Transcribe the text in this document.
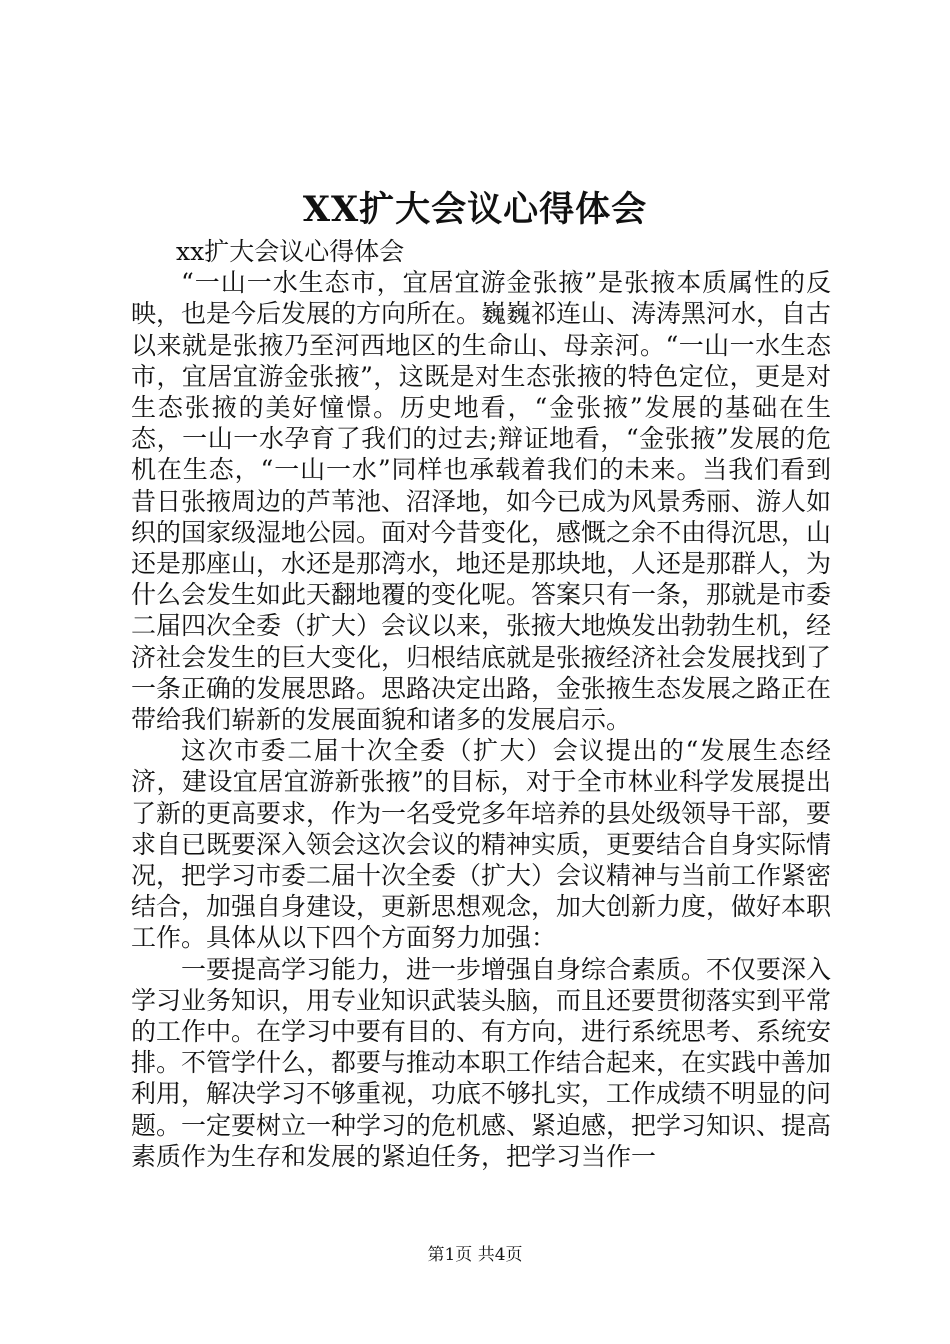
XX扩大会议心得体会

xx扩大会议心得体会

“一山一水生态市，宜居宜游金张掖”是张掖本质属性的反映，也是今后发展的方向所在。巍巍祁连山、涛涛黑河水，自古以来就是张掖乃至河西地区的生命山、母亲河。“一山一水生态市，宜居宜游金张掖”，这既是对生态张掖的特色定位，更是对生态张掖的美好憧憬。历史地看，“金张掖”发展的基础在生态，一山一水孕育了我们的过去;辩证地看，“金张掖”发展的危机在生态，“一山一水”同样也承载着我们的未来。当我们看到昔日张掖周边的芦苇池、沼泽地，如今已成为风景秀丽、游人如织的国家级湿地公园。面对今昔变化，感慨之余不由得沉思，山还是那座山，水还是那湾水，地还是那块地，人还是那群人，为什么会发生如此天翻地覆的变化呢。答案只有一条，那就是市委二届四次全委（扩大）会议以来，张掖大地焕发出勃勃生机，经济社会发生的巨大变化，归根结底就是张掖经济社会发展找到了一条正确的发展思路。思路决定出路，金张掖生态发展之路正在带给我们崭新的发展面貌和诸多的发展启示。

这次市委二届十次全委（扩大）会议提出的“发展生态经济，建设宜居宜游新张掖”的目标，对于全市林业科学发展提出了新的更高要求，作为一名受党多年培养的县处级领导干部，要求自已既要深入领会这次会议的精神实质，更要结合自身实际情况，把学习市委二届十次全委（扩大）会议精神与当前工作紧密结合，加强自身建设，更新思想观念，加大创新力度，做好本职工作。具体从以下四个方面努力加强：

一要提高学习能力，进一步增强自身综合素质。不仅要深入学习业务知识，用专业知识武装头脑，而且还要贯彻落实到平常的工作中。在学习中要有目的、有方向，进行系统思考、系统安排。不管学什么，都要与推动本职工作结合起来，在实践中善加利用，解决学习不够重视，功底不够扎实，工作成绩不明显的问题。一定要树立一种学习的危机感、紧迫感，把学习知识、提高素质作为生存和发展的紧迫任务，把学习当作一

第1页 共4页
